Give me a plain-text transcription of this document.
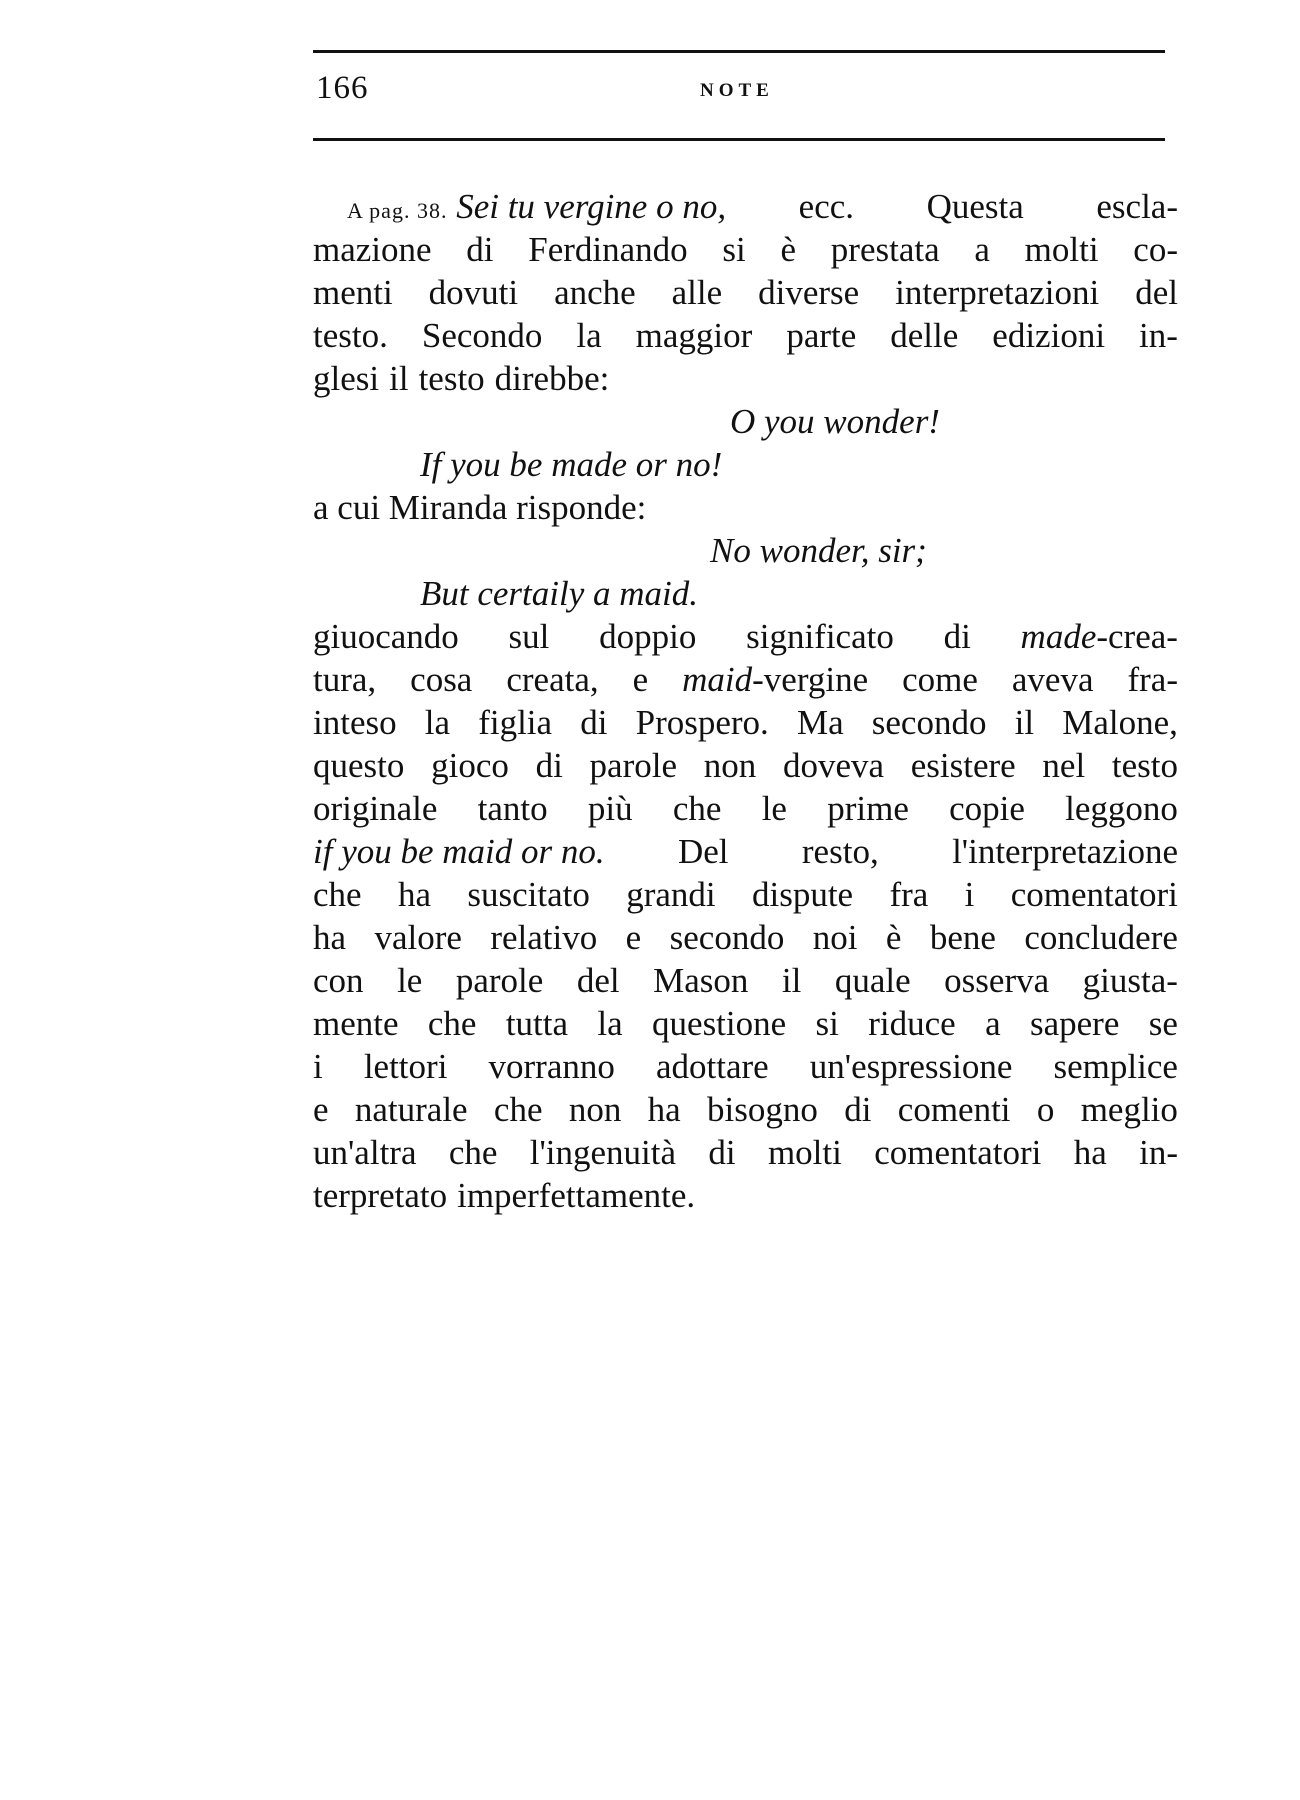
166	NOTE
A pag. 38. Sei tu vergine o no, ecc. Questa escla-
mazione di Ferdinando si è prestata a molti co-
menti dovuti anche alle diverse interpretazioni del
testo. Secondo la maggior parte delle edizioni in-
glesi il testo direbbe:
O you wonder!
If you be made or no!
a cui Miranda risponde:
No wonder, sir;
But certaily a maid.
giuocando sul doppio significato di made-crea-
tura, cosa creata, e maid-vergine come aveva fra-
inteso la figlia di Prospero. Ma secondo il Malone,
questo gioco di parole non doveva esistere nel testo
originale tanto più che le prime copie leggono
if you be maid or no. Del resto, l'interpretazione
che ha suscitato grandi dispute fra i comentatori
ha valore relativo e secondo noi è bene concludere
con le parole del Mason il quale osserva giusta-
mente che tutta la questione si riduce a sapere se
i lettori vorranno adottare un'espressione semplice
e naturale che non ha bisogno di comenti o meglio
un'altra che l'ingenuità di molti comentatori ha in-
terpretato imperfettamente.
